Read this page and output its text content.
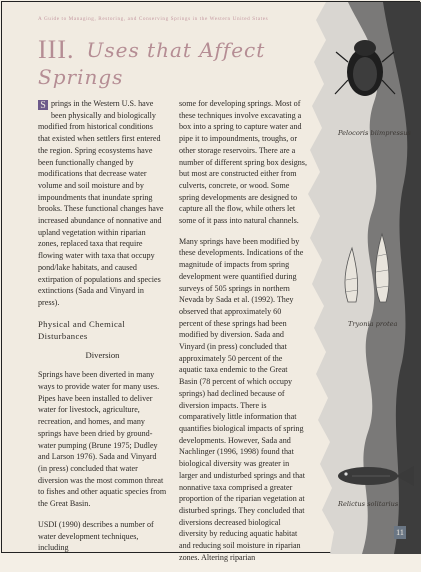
A Guide to Managing, Restoring, and Conserving Springs in the Western United States
III. Uses that Affect Springs

S prings in the Western U.S. have been physically and biologically modified from historical conditions that existed when settlers first entered the region. Spring ecosystems have been functionally changed by modifications that decrease water volume and soil moisture and by impoundments that inundate spring brooks. These functional changes have increased abundance of nonnative and upland vegetation within riparian zones, replaced taxa that require flowing water with taxa that occupy pond/lake habitats, and caused extirpation of populations and species extinctions (Sada and Vinyard in press).

Physical and Chemical Disturbances
Diversion

Springs have been diverted in many ways to provide water for many uses. Pipes have been installed to deliver water for livestock, agriculture, recreation, and homes, and many springs have been dried by ground-water pumping (Brune 1975; Dudley and Larson 1976). Sada and Vinyard (in press) concluded that water diversion was the most common threat to fishes and other aquatic species from the Great Basin.

USDI (1990) describes a number of water development techniques, including

some for developing springs. Most of these techniques involve excavating a box into a spring to capture water and pipe it to impoundments, troughs, or other storage reservoirs. There are a number of different spring box designs, but most are constructed either from culverts, concrete, or wood. Some spring developments are designed to capture all the flow, while others let some of it pass into natural channels.

Many springs have been modified by these developments. Indications of the magnitude of impacts from spring development were quantified during surveys of 505 springs in northern Nevada by Sada et al. (1992). They observed that approximately 60 percent of these springs had been modified by diversion. Sada and Vinyard (in press) concluded that approximately 50 percent of the aquatic taxa endemic to the Great Basin (78 percent of which occupy springs) had declined because of diversion impacts. There is comparatively little information that quantifies biological impacts of spring developments. However, Sada and Nachlinger (1996, 1998) found that biological diversity was greater in larger and undisturbed springs and that nonnative taxa comprised a greater proportion of the riparian vegetation at disturbed springs. They concluded that diversions decreased biological diversity by reducing aquatic habitat and reducing soil moisture in riparian zones. Altering riparian

Pelocoris biimpressus
Tryonia protea
Relictus solitarius
11
